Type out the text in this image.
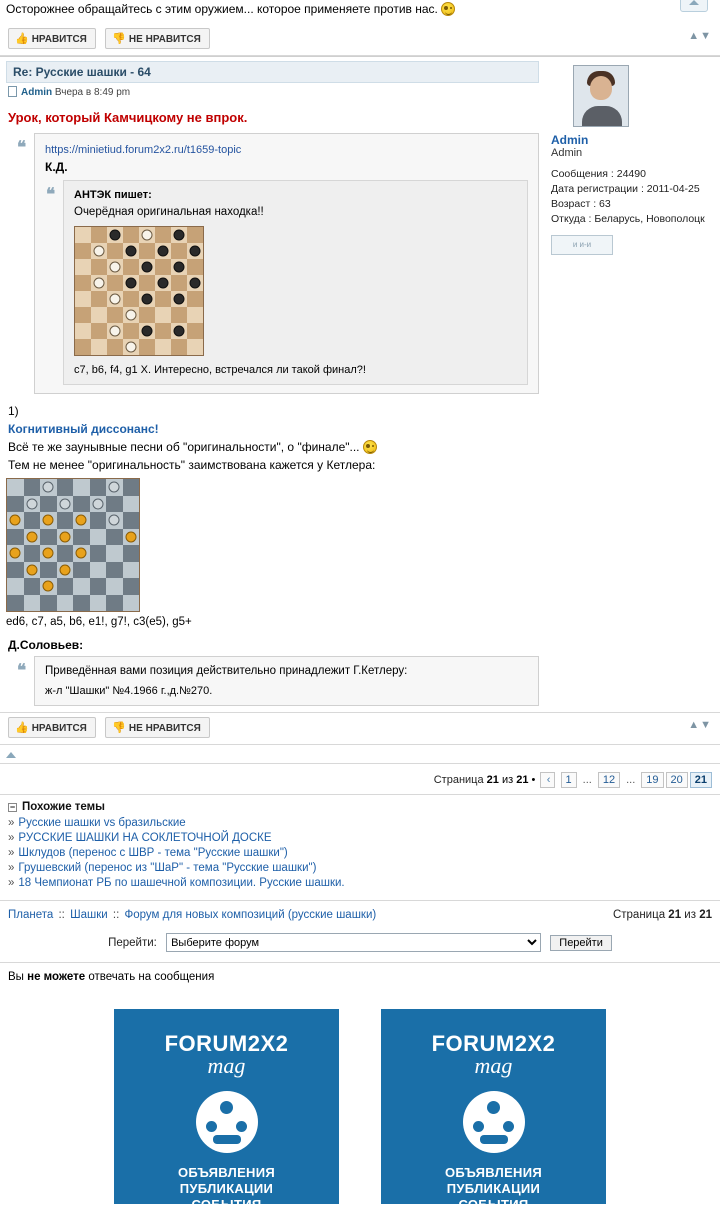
Осторожнее обращайтесь с этим оружием... которое применяете против нас.
👍 НРАВИТСЯ 👎 НЕ НРАВИТСЯ	▲▼
Re: Русские шашки - 64
Admin Вчера в 8:49 pm
Урок, который Камчицкому не впрок.
❝ https://minietiud.forum2x2.ru/t1659-topic
К.Д.
❝ АНТЭК пишет:
Очерёдная оригинальная находка!!
c7, b6, f4, g1 X. Интересно, встречался ли такой финал?!
1)
Когнитивный диссонанс!
Всё те же заунывные песни об "оригинальности", о "финале"...
Тем не менее "оригинальность" заимствована кажется у Кетлера:
ed6, c7, a5, b6, e1!, g7!, c3(e5), g5+
Д.Соловьев:
❝ Приведённая вами позиция действительно принадлежит Г.Кетлеру:
ж-л "Шашки" №4.1966 г.,д.№270.
Admin
Admin
Сообщения : 24490
Дата регистрации : 2011-04-25
Возраст : 63
Откуда : Беларусь, Новополоцк
и и-и
👍 НРАВИТСЯ 👎 НЕ НРАВИТСЯ	▲▼
Страница 21 из 21 • ‹ 1 ... 12 ... 19 20 21
− Похожие темы
» Русские шашки vs бразильские
» РУССКИЕ ШАШКИ НА СОКЛЕТОЧНОЙ ДОСКЕ
» Шклудов (перенос с ШВР - тема "Русские шашки")
» Грушевский (перенос из "ШаР" - тема "Русские шашки")
» 18 Чемпионат РБ по шашечной композиции. Русские шашки.
Планета :: Шашки :: Форум для новых композиций (русские шашки)	Страница 21 из 21
Перейти:
Выберите форум	Перейти
Вы не можете отвечать на сообщения
FORUM2X2
mag
ОБЪЯВЛЕНИЯ
ПУБЛИКАЦИИ
СОБЫТИЯ
FORUM2X2
mag
ОБЪЯВЛЕНИЯ
ПУБЛИКАЦИИ
СОБЫТИЯ
